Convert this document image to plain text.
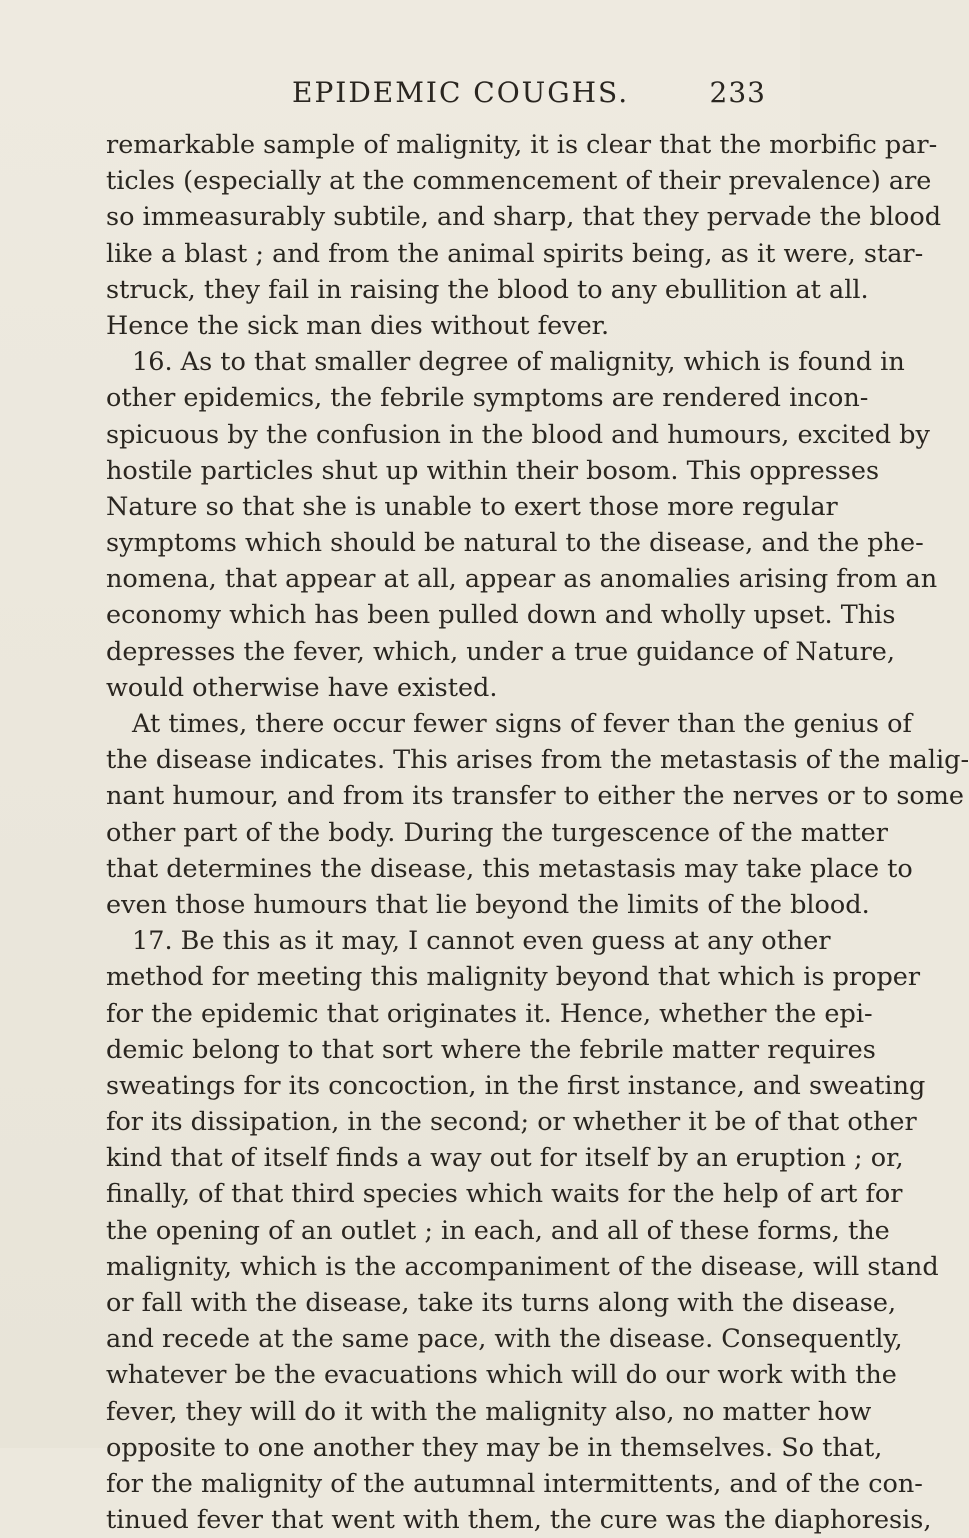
EPIDEMIC COUGHS.	233
remarkable sample of malignity, it is clear that the morbific par-
ticles (especially at the commencement of their prevalence) are
so immeasurably subtile, and sharp, that they pervade the blood
like a blast ; and from the animal spirits being, as it were, star-
struck, they fail in raising the blood to any ebullition at all.
Hence the sick man dies without fever.
16. As to that smaller degree of malignity, which is found in
other epidemics, the febrile symptoms are rendered incon-
spicuous by the confusion in the blood and humours, excited by
hostile particles shut up within their bosom. This oppresses
Nature so that she is unable to exert those more regular
symptoms which should be natural to the disease, and the phe-
nomena, that appear at all, appear as anomalies arising from an
economy which has been pulled down and wholly upset. This
depresses the fever, which, under a true guidance of Nature,
would otherwise have existed.
At times, there occur fewer signs of fever than the genius of
the disease indicates. This arises from the metastasis of the malig-
nant humour, and from its transfer to either the nerves or to some
other part of the body. During the turgescence of the matter
that determines the disease, this metastasis may take place to
even those humours that lie beyond the limits of the blood.
17. Be this as it may, I cannot even guess at any other
method for meeting this malignity beyond that which is proper
for the epidemic that originates it. Hence, whether the epi-
demic belong to that sort where the febrile matter requires
sweatings for its concoction, in the first instance, and sweating
for its dissipation, in the second; or whether it be of that other
kind that of itself finds a way out for itself by an eruption ; or,
finally, of that third species which waits for the help of art for
the opening of an outlet ; in each, and all of these forms, the
malignity, which is the accompaniment of the disease, will stand
or fall with the disease, take its turns along with the disease,
and recede at the same pace, with the disease. Consequently,
whatever be the evacuations which will do our work with the
fever, they will do it with the malignity also, no matter how
opposite to one another they may be in themselves. So that,
for the malignity of the autumnal intermittents, and of the con-
tinued fever that went with them, the cure was the diaphoresis,
